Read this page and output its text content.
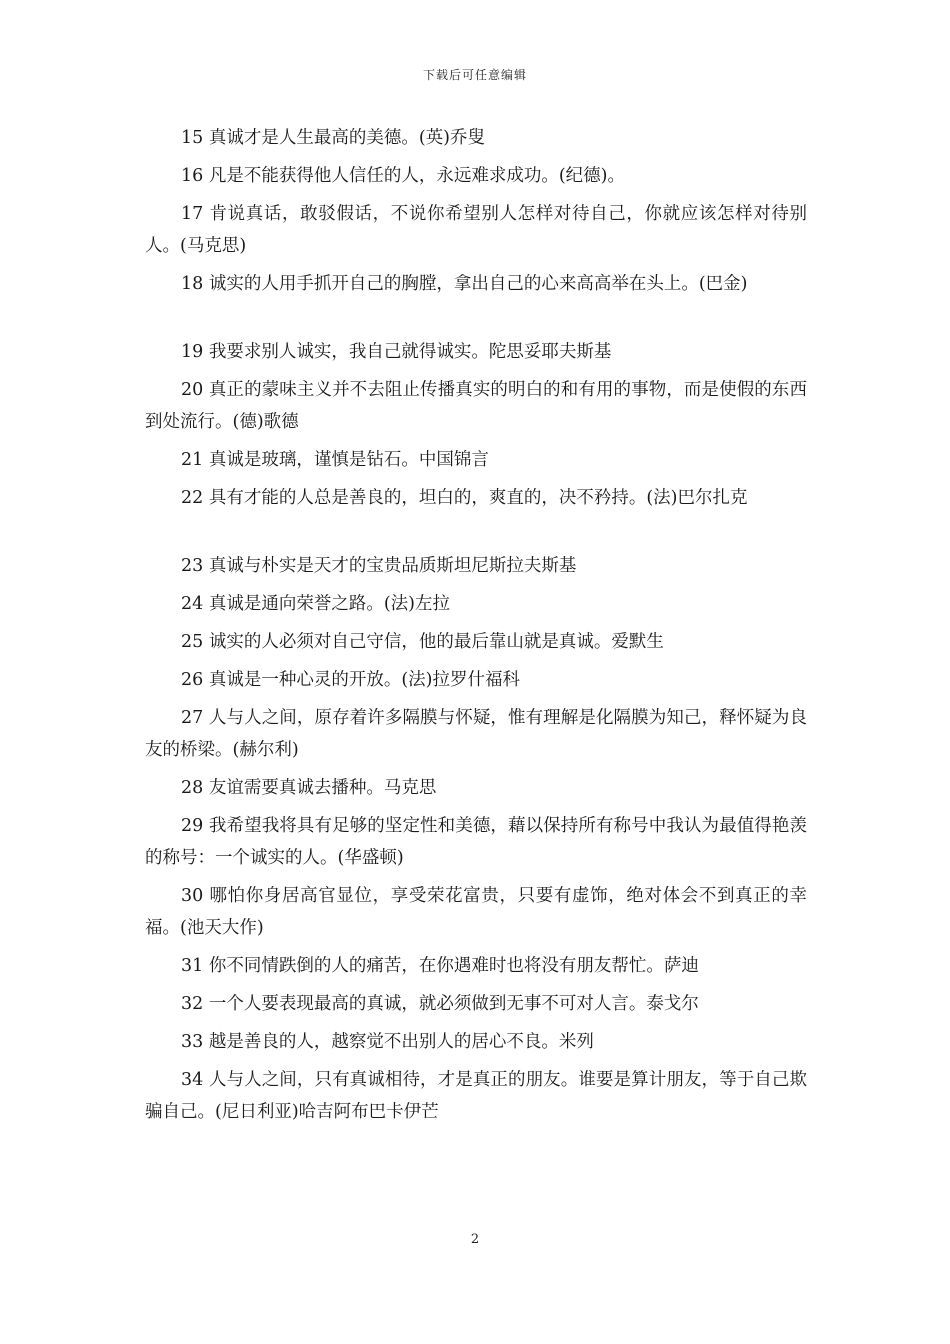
下载后可任意编辑

15 真诚才是人生最高的美德。(英)乔叟

16 凡是不能获得他人信任的人，永远难求成功。(纪德)。

17 肯说真话，敢驳假话，不说你希望别人怎样对待自己，你就应该怎样对待别人。(马克思)

18 诚实的人用手抓开自己的胸膛，拿出自己的心来高高举在头上。(巴金)

19 我要求别人诚实，我自己就得诚实。陀思妥耶夫斯基

20 真正的蒙味主义并不去阻止传播真实的明白的和有用的事物，而是使假的东西到处流行。(德)歌德

21 真诚是玻璃，谨慎是钻石。中国锦言

22 具有才能的人总是善良的，坦白的，爽直的，决不矜持。(法)巴尔扎克

23 真诚与朴实是天才的宝贵品质斯坦尼斯拉夫斯基

24 真诚是通向荣誉之路。(法)左拉

25 诚实的人必须对自己守信，他的最后靠山就是真诚。爱默生

26 真诚是一种心灵的开放。(法)拉罗什福科

27 人与人之间，原存着许多隔膜与怀疑，惟有理解是化隔膜为知己，释怀疑为良友的桥梁。(赫尔利)

28 友谊需要真诚去播种。马克思

29 我希望我将具有足够的坚定性和美德，藉以保持所有称号中我认为最值得艳羡的称号：一个诚实的人。(华盛顿)

30 哪怕你身居高官显位，享受荣花富贵，只要有虚饰，绝对体会不到真正的幸福。(池天大作)

31 你不同情跌倒的人的痛苦，在你遇难时也将没有朋友帮忙。萨迪

32 一个人要表现最高的真诚，就必须做到无事不可对人言。泰戈尔

33 越是善良的人，越察觉不出别人的居心不良。米列

34 人与人之间，只有真诚相待，才是真正的朋友。谁要是算计朋友，等于自己欺骗自己。(尼日利亚)哈吉阿布巴卡伊芒

2
